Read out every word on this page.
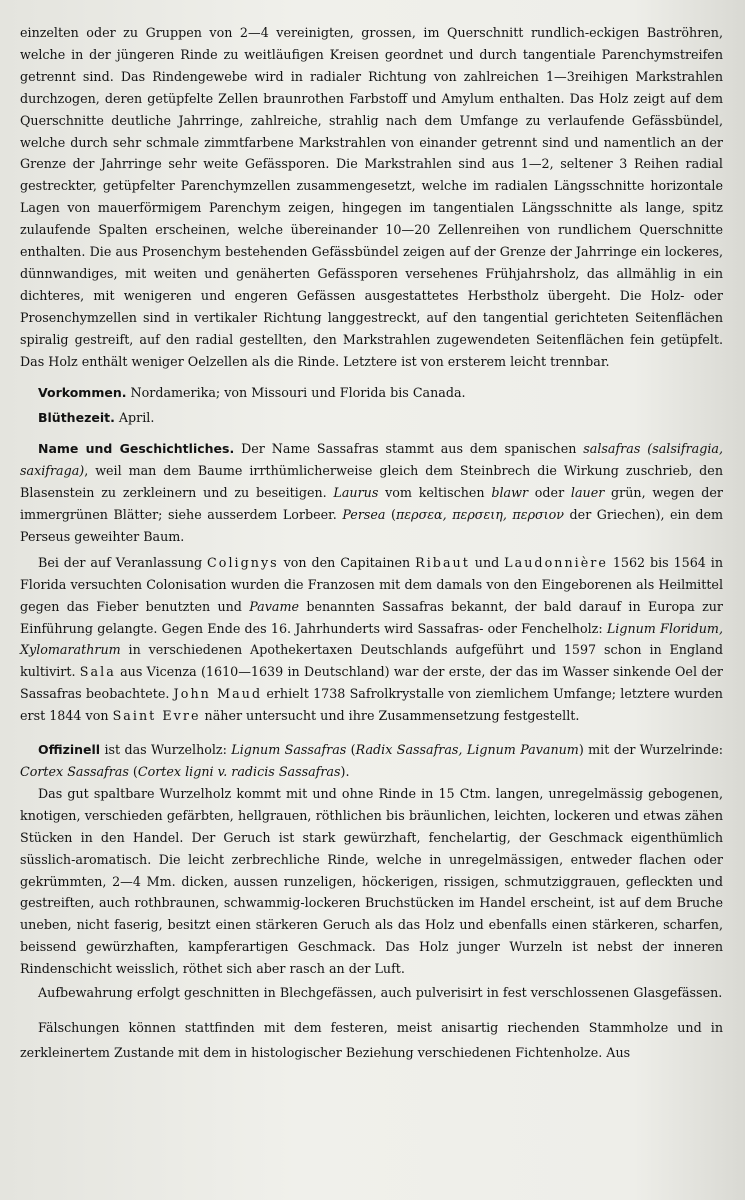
einzelten oder zu Gruppen von 2—4 vereinigten, grossen, im Querschnitt rundlich-eckigen Baströhren, welche in der jüngeren Rinde zu weitläufigen Kreisen geordnet und durch tangentiale Parenchymstreifen getrennt sind. Das Rindengewebe wird in radialer Richtung von zahlreichen 1—3reihigen Markstrahlen durchzogen, deren getüpfelte Zellen braunrothen Farbstoff und Amylum enthalten. Das Holz zeigt auf dem Querschnitte deutliche Jahrringe, zahlreiche, strahlig nach dem Umfange zu verlaufende Gefässbündel, welche durch sehr schmale zimmtfarbene Markstrahlen von einander getrennt sind und namentlich an der Grenze der Jahrringe sehr weite Gefässporen. Die Markstrahlen sind aus 1—2, seltener 3 Reihen radial gestreckter, getüpfelter Parenchymzellen zusammengesetzt, welche im radialen Längsschnitte horizontale Lagen von mauerförmigem Parenchym zeigen, hingegen im tangentialen Längsschnitte als lange, spitz zulaufende Spalten erscheinen, welche übereinander 10—20 Zellenreihen von rundlichem Querschnitte enthalten. Die aus Prosenchym bestehenden Gefässbündel zeigen auf der Grenze der Jahrringe ein lockeres, dünnwandiges, mit weiten und genäherten Gefässporen versehenes Frühjahrsholz, das allmählig in ein dichteres, mit wenigeren und engeren Gefässen ausgestattetes Herbstholz übergeht. Die Holz- oder Prosenchymzellen sind in vertikaler Richtung langgestreckt, auf den tangential gerichteten Seitenflächen spiralig gestreift, auf den radial gestellten, den Markstrahlen zugewendeten Seitenflächen fein getüpfelt. Das Holz enthält weniger Oelzellen als die Rinde. Letztere ist von ersterem leicht trennbar.

Vorkommen. Nordamerika; von Missouri und Florida bis Canada.

Blüthezeit. April.

Name und Geschichtliches. Der Name Sassafras stammt aus dem spanischen salsafras (salsifragia, saxifraga), weil man dem Baume irrthümlicherweise gleich dem Steinbrech die Wirkung zuschrieb, den Blasenstein zu zerkleinern und zu beseitigen. Laurus vom keltischen blawr oder lauer grün, wegen der immergrünen Blätter; siehe ausserdem Lorbeer. Persea (περσεα, περσειη, περσιον der Griechen), ein dem Perseus geweihter Baum.

Bei der auf Veranlassung Colignys von den Capitainen Ribaut und Laudonnière 1562 bis 1564 in Florida versuchten Colonisation wurden die Franzosen mit dem damals von den Eingeborenen als Heilmittel gegen das Fieber benutzten und Pavame benannten Sassafras bekannt, der bald darauf in Europa zur Einführung gelangte. Gegen Ende des 16. Jahrhunderts wird Sassafras- oder Fenchelholz: Lignum Floridum, Xylomarathrum in verschiedenen Apothekertaxen Deutschlands aufgeführt und 1597 schon in England kultivirt. Sala aus Vicenza (1610—1639 in Deutschland) war der erste, der das im Wasser sinkende Oel der Sassafras beobachtete. John Maud erhielt 1738 Safrolkrystalle von ziemlichem Umfange; letztere wurden erst 1844 von Saint Evre näher untersucht und ihre Zusammensetzung festgestellt.

Offizinell ist das Wurzelholz: Lignum Sassafras (Radix Sassafras, Lignum Pavanum) mit der Wurzelrinde: Cortex Sassafras (Cortex ligni v. radicis Sassafras).

Das gut spaltbare Wurzelholz kommt mit und ohne Rinde in 15 Ctm. langen, unregelmässig gebogenen, knotigen, verschieden gefärbten, hellgrauen, röthlichen bis bräunlichen, leichten, lockeren und etwas zähen Stücken in den Handel. Der Geruch ist stark gewürzhaft, fenchelartig, der Geschmack eigenthümlich süsslich-aromatisch. Die leicht zerbrechliche Rinde, welche in unregelmässigen, entweder flachen oder gekrümmten, 2—4 Mm. dicken, aussen runzeligen, höckerigen, rissigen, schmutziggrauen, gefleckten und gestreiften, auch rothbraunen, schwammig-lockeren Bruchstücken im Handel erscheint, ist auf dem Bruche uneben, nicht faserig, besitzt einen stärkeren Geruch als das Holz und ebenfalls einen stärkeren, scharfen, beissend gewürzhaften, kampferartigen Geschmack. Das Holz junger Wurzeln ist nebst der inneren Rindenschicht weisslich, röthet sich aber rasch an der Luft.

Aufbewahrung erfolgt geschnitten in Blechgefässen, auch pulverisirt in fest verschlossenen Glasgefässen.

Fälschungen können stattfinden mit dem festeren, meist anisartig riechenden Stammholze und in zerkleinertem Zustande mit dem in histologischer Beziehung verschiedenen Fichtenholze. Aus
